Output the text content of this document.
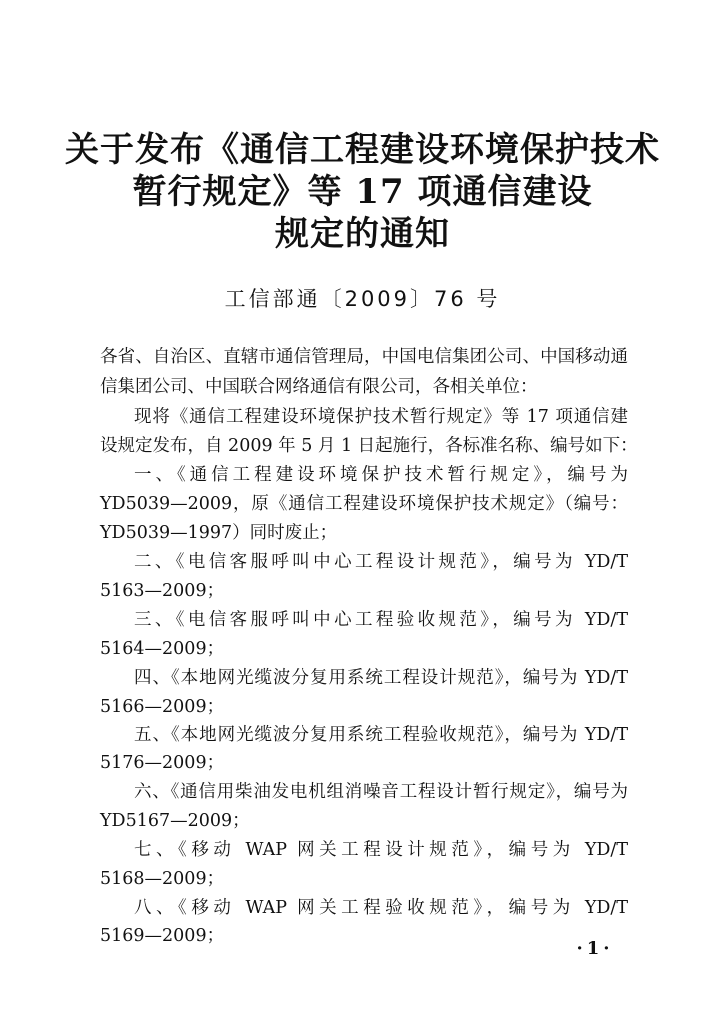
关于发布《通信工程建设环境保护技术
暂行规定》等 17 项通信建设
规定的通知
工信部通〔2009〕76 号
各省、自治区、直辖市通信管理局，中国电信集团公司、中国移动通
信集团公司、中国联合网络通信有限公司，各相关单位：
现将《通信工程建设环境保护技术暂行规定》等 17 项通信建
设规定发布，自 2009 年 5 月 1 日起施行，各标准名称、编号如下：
一、《通信工程建设环境保护技术暂行规定》，编号为
YD5039—2009，原《通信工程建设环境保护技术规定》（编号：
YD5039—1997）同时废止；
二、《电信客服呼叫中心工程设计规范》，编号为 YD/T
5163—2009；
三、《电信客服呼叫中心工程验收规范》，编号为 YD/T
5164—2009；
四、《本地网光缆波分复用系统工程设计规范》，编号为 YD/T
5166—2009；
五、《本地网光缆波分复用系统工程验收规范》，编号为 YD/T
5176—2009；
六、《通信用柴油发电机组消噪音工程设计暂行规定》，编号为
YD5167—2009；
七、《移动 WAP 网关工程设计规范》，编号为 YD/T
5168—2009；
八、《移动 WAP 网关工程验收规范》，编号为 YD/T
5169—2009；
·1·
